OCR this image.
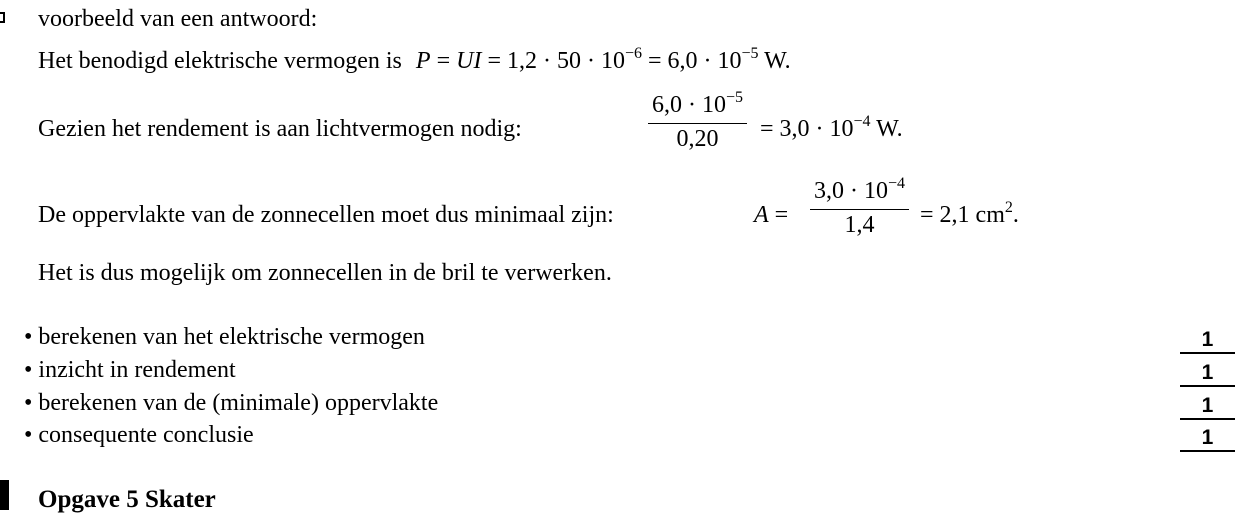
voorbeeld van een antwoord:
Het benodigd elektrische vermogen is P = UI = $1,2 \cdot 50 \cdot 10^{-6} = 6,0 \cdot 10^{-5}$ W.
Gezien het rendement is aan lichtvermogen nodig:
$6,0 \cdot 10^{-5}$
0,20	= $3,0 \cdot 10^{-4}$ W.
De oppervlakte van de zonnecellen moet dus minimaal zijn:	A =
$3,0 \cdot 10^{-4}$
1,4	= 2,1 $cm^2$.
Het is dus mogelijk om zonnecellen in de bril te verwerken.
• berekenen van het elektrische vermogen	1
• inzicht in rendement	1
• berekenen van de (minimale) oppervlakte	1
• consequente conclusie	1
Opgave 5 Skater
